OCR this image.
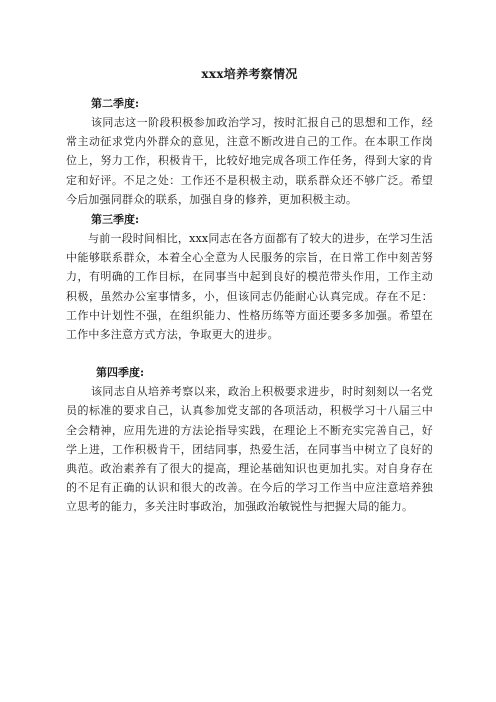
xxx培养考察情况

第二季度:

该同志这一阶段积极参加政治学习，按时汇报自己的思想和工作，经常主动征求党内外群众的意见，注意不断改进自己的工作。在本职工作岗位上，努力工作，积极肯干，比较好地完成各项工作任务，得到大家的肯定和好评。不足之处：工作还不是积极主动，联系群众还不够广泛。希望今后加强同群众的联系，加强自身的修养，更加积极主动。

第三季度:

与前一段时间相比，xxx同志在各方面都有了较大的进步，在学习生活中能够联系群众，本着全心全意为人民服务的宗旨，在日常工作中刻苦努力，有明确的工作目标，在同事当中起到良好的模范带头作用，工作主动积极，虽然办公室事情多，小，但该同志仍能耐心认真完成。存在不足：工作中计划性不强，在组织能力、性格历练等方面还要多多加强。希望在工作中多注意方式方法，争取更大的进步。

第四季度:

该同志自从培养考察以来，政治上积极要求进步，时时刻刻以一名党员的标准的要求自己，认真参加党支部的各项活动，积极学习十八届三中全会精神，应用先进的方法论指导实践，在理论上不断充实完善自己，好学上进，工作积极肯干，团结同事，热爱生活，在同事当中树立了良好的典范。政治素养有了很大的提高，理论基础知识也更加扎实。对自身存在的不足有正确的认识和很大的改善。在今后的学习工作当中应注意培养独立思考的能力，多关注时事政治，加强政治敏锐性与把握大局的能力。
